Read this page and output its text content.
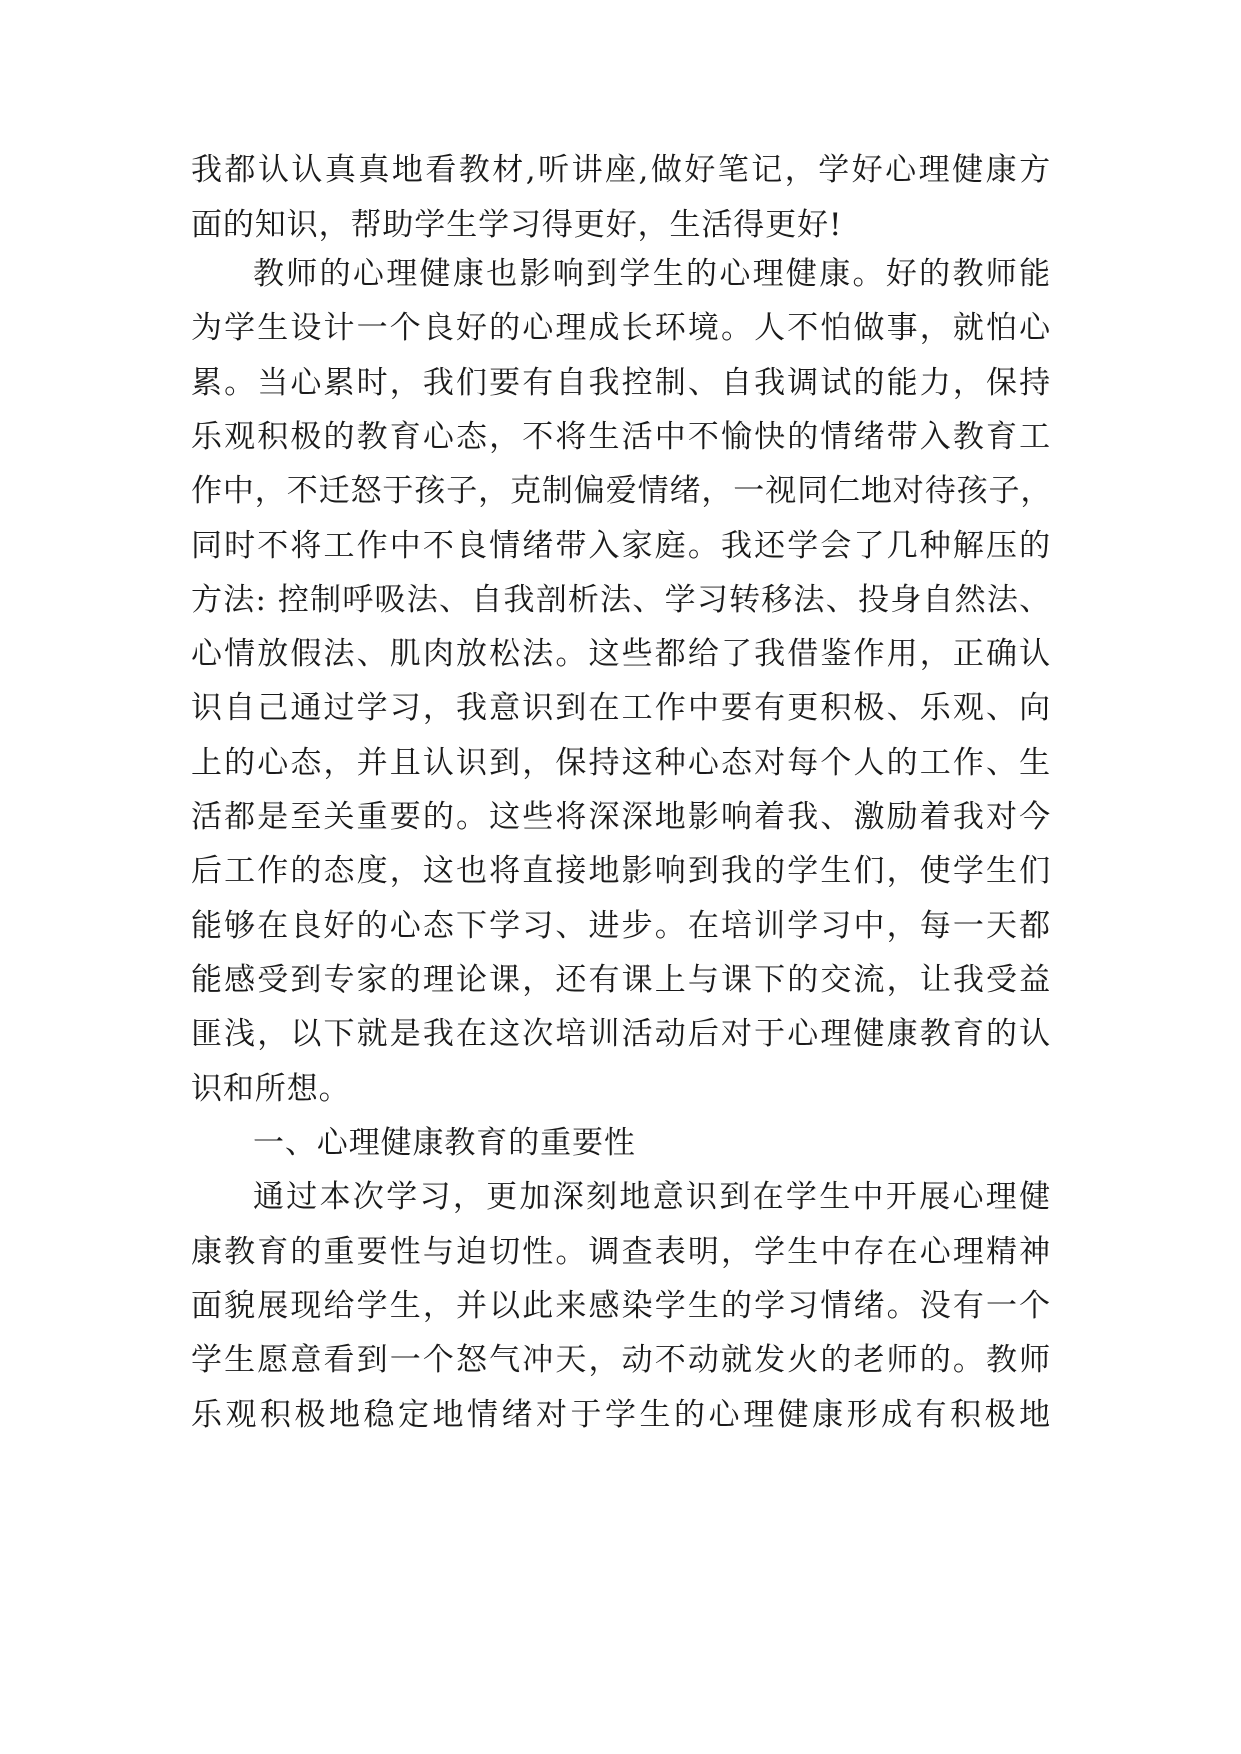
我都认认真真地看教材,听讲座,做好笔记，学好心理健康方
面的知识，帮助学生学习得更好，生活得更好!
教师的心理健康也影响到学生的心理健康。好的教师能
为学生设计一个良好的心理成长环境。人不怕做事，就怕心
累。当心累时，我们要有自我控制、自我调试的能力，保持
乐观积极的教育心态，不将生活中不愉快的情绪带入教育工
作中，不迁怒于孩子，克制偏爱情绪，一视同仁地对待孩子，
同时不将工作中不良情绪带入家庭。我还学会了几种解压的
方法: 控制呼吸法、自我剖析法、学习转移法、投身自然法、
心情放假法、肌肉放松法。这些都给了我借鉴作用，正确认
识自己通过学习，我意识到在工作中要有更积极、乐观、向
上的心态，并且认识到，保持这种心态对每个人的工作、生
活都是至关重要的。这些将深深地影响着我、激励着我对今
后工作的态度，这也将直接地影响到我的学生们，使学生们
能够在良好的心态下学习、进步。在培训学习中，每一天都
能感受到专家的理论课，还有课上与课下的交流，让我受益
匪浅，以下就是我在这次培训活动后对于心理健康教育的认
识和所想。
一、心理健康教育的重要性
通过本次学习，更加深刻地意识到在学生中开展心理健
康教育的重要性与迫切性。调查表明，学生中存在心理精神
面貌展现给学生，并以此来感染学生的学习情绪。没有一个
学生愿意看到一个怒气冲天，动不动就发火的老师的。教师
乐观积极地稳定地情绪对于学生的心理健康形成有积极地
